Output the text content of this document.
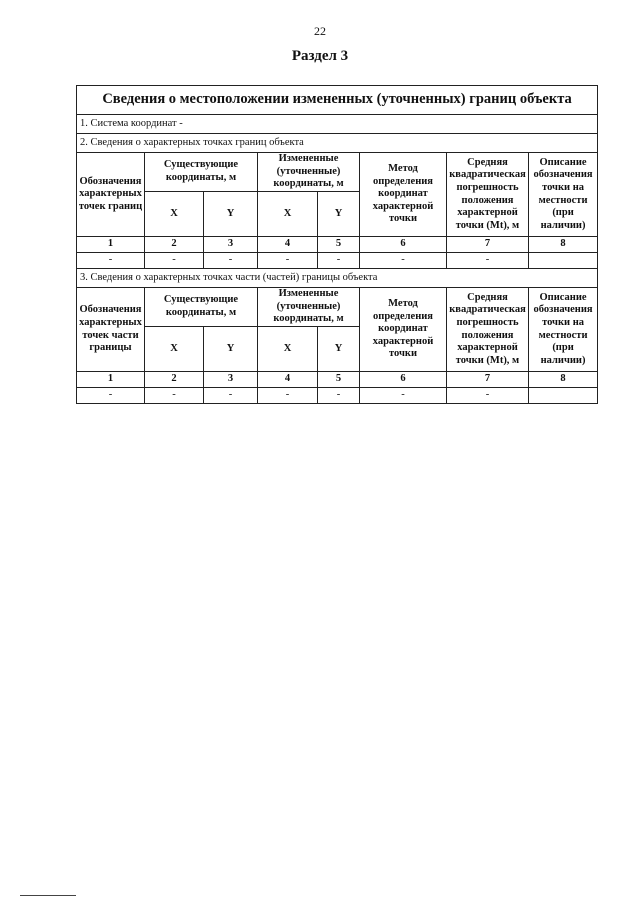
22
Раздел 3
Сведения о местоположении измененных (уточненных) границ объекта							
1. Система координат -							
2. Сведения о характерных точках границ объекта							
Обозначения характерных точек границ	Существующие координаты, м		Измененные (уточненные) координаты, м		Метод определения координат характерной точки	Средняя квадратическая погрешность положения характерной точки (Mt), м	Описание обозначения точки на местности (при наличии)
	X	Y	X	Y			
1	2	3	4	5	6	7	8
-	-	-	-	-	-	-	
3. Сведения о характерных точках части (частей) границы объекта							
Обозначения характерных точек части границы	Существующие координаты, м		Измененные (уточненные) координаты, м		Метод определения координат характерной точки	Средняя квадратическая погрешность положения характерной точки (Mt), м	Описание обозначения точки на местности (при наличии)
	X	Y	X	Y			
1	2	3	4	5	6	7	8
-	-	-	-	-	-	-	
